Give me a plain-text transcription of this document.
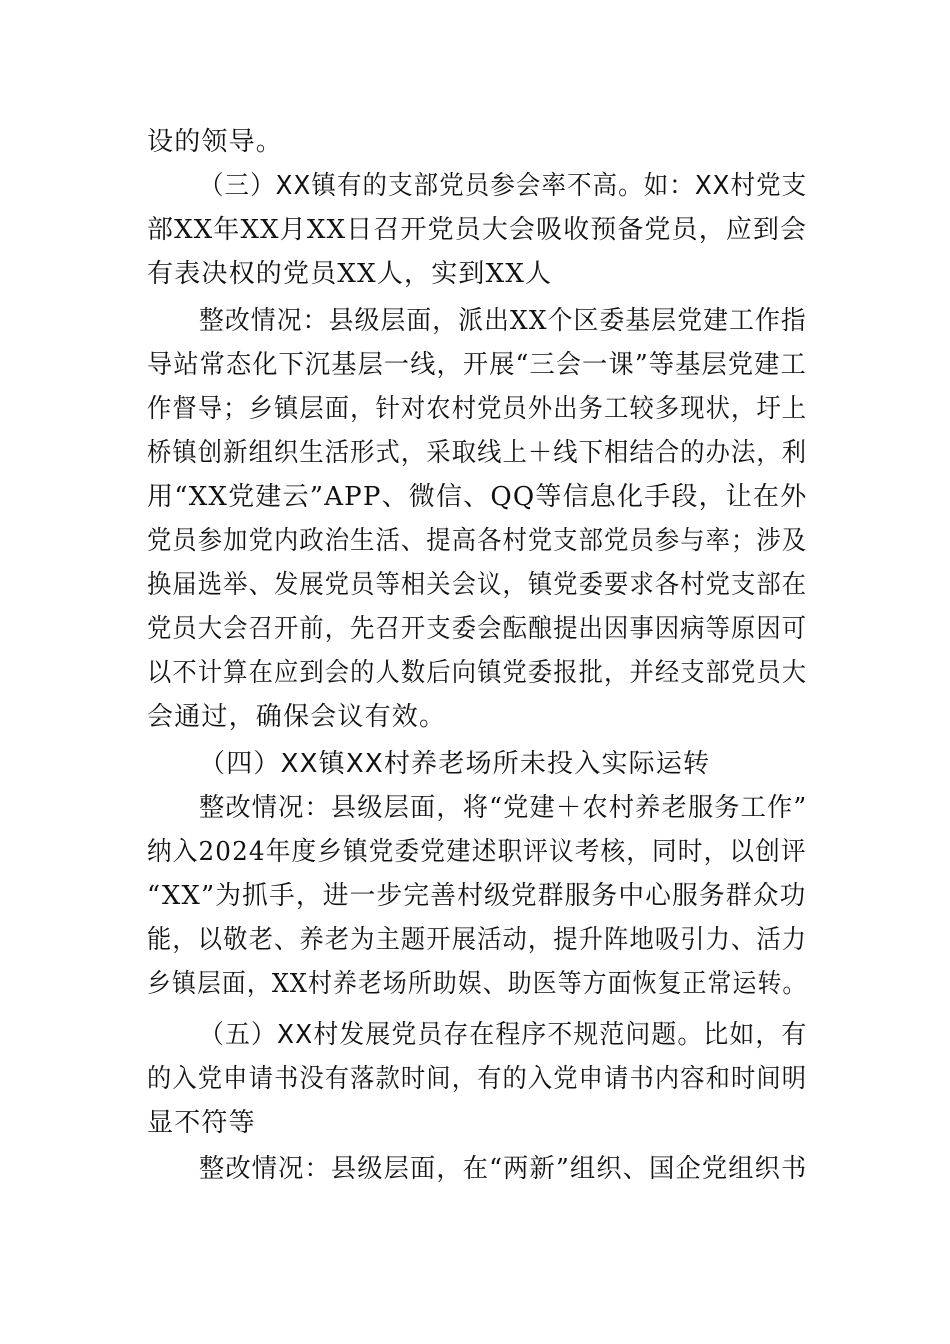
设的领导。
（三）XX镇有的支部党员参会率不高。如：XX村党支
部XX年XX月XX日召开党员大会吸收预备党员，应到会
有表决权的党员XX人，实到XX人
整改情况：县级层面，派出XX个区委基层党建工作指
导站常态化下沉基层一线，开展“三会一课”等基层党建工
作督导；乡镇层面，针对农村党员外出务工较多现状，圩上
桥镇创新组织生活形式，采取线上＋线下相结合的办法，利
用“XX党建云”APP、微信、QQ等信息化手段，让在外
党员参加党内政治生活、提高各村党支部党员参与率；涉及
换届选举、发展党员等相关会议，镇党委要求各村党支部在
党员大会召开前，先召开支委会酝酿提出因事因病等原因可
以不计算在应到会的人数后向镇党委报批，并经支部党员大
会通过，确保会议有效。
（四）XX镇XX村养老场所未投入实际运转
整改情况：县级层面，将“党建＋农村养老服务工作”
纳入2024年度乡镇党委党建述职评议考核，同时，以创评
“XX”为抓手，进一步完善村级党群服务中心服务群众功
能，以敬老、养老为主题开展活动，提升阵地吸引力、活力
乡镇层面，XX村养老场所助娱、助医等方面恢复正常运转。
（五）XX村发展党员存在程序不规范问题。比如，有
的入党申请书没有落款时间，有的入党申请书内容和时间明
显不符等
整改情况：县级层面，在“两新”组织、国企党组织书
